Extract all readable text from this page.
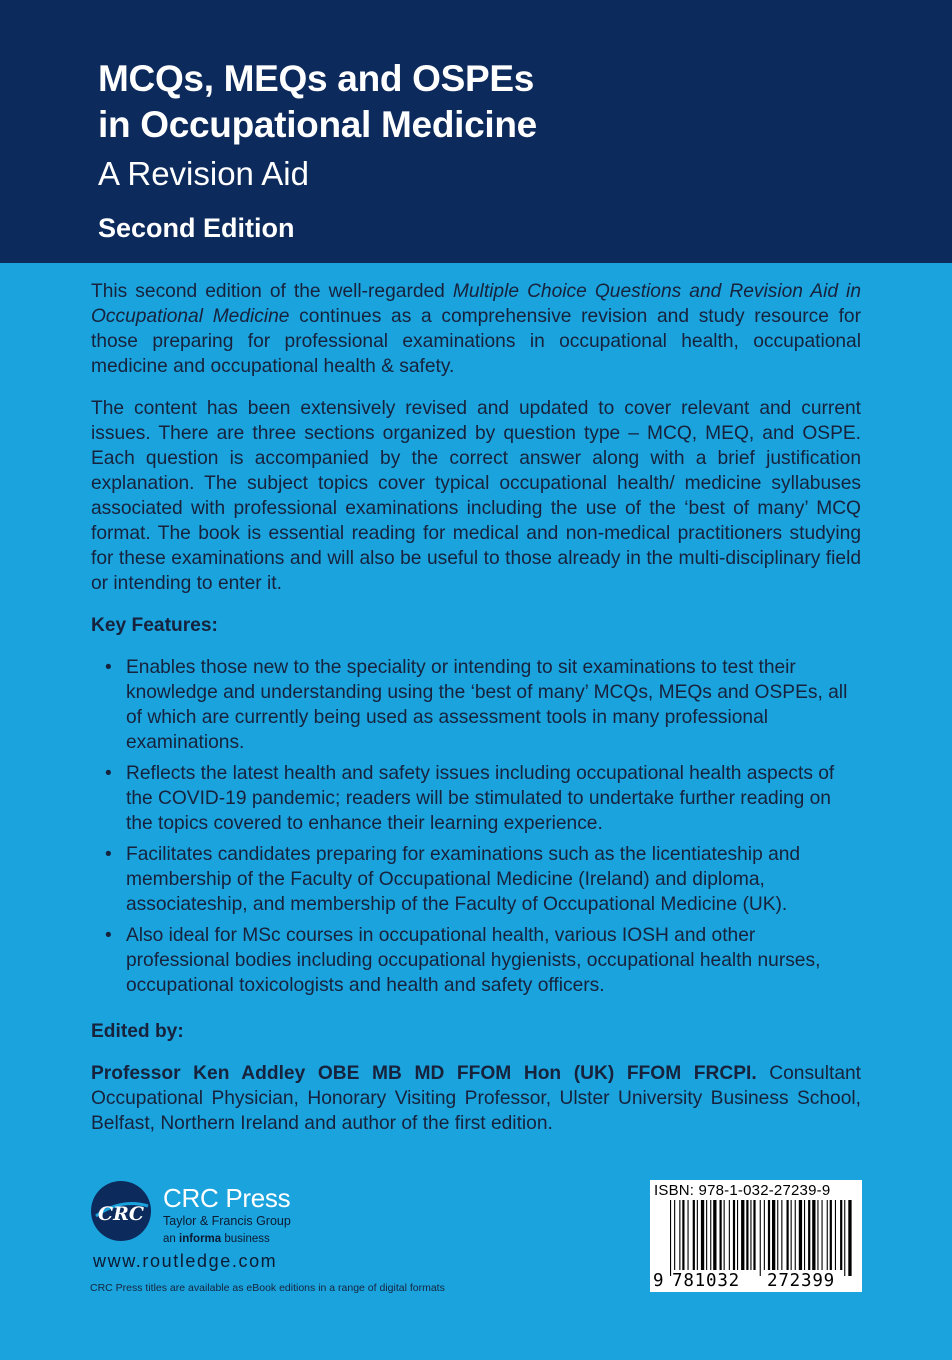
MCQs, MEQs and OSPEs
in Occupational Medicine
A Revision Aid
Second Edition

This second edition of the well-regarded Multiple Choice Questions and Revision Aid in Occupational Medicine continues as a comprehensive revision and study resource for those preparing for professional examinations in occupational health, occupational medicine and occupational health & safety.

The content has been extensively revised and updated to cover relevant and current issues. There are three sections organized by question type – MCQ, MEQ, and OSPE. Each question is accompanied by the correct answer along with a brief justification explanation. The subject topics cover typical occupational health/ medicine syllabuses associated with professional examinations including the use of the ‘best of many’ MCQ format. The book is essential reading for medical and non-medical practitioners studying for these examinations and will also be useful to those already in the multi-disciplinary field or intending to enter it.

Key Features:
• Enables those new to the speciality or intending to sit examinations to test their knowledge and understanding using the ‘best of many’ MCQs, MEQs and OSPEs, all of which are currently being used as assessment tools in many professional examinations.
• Reflects the latest health and safety issues including occupational health aspects of the COVID-19 pandemic; readers will be stimulated to undertake further reading on the topics covered to enhance their learning experience.
• Facilitates candidates preparing for examinations such as the licentiateship and membership of the Faculty of Occupational Medicine (Ireland) and diploma, associateship, and membership of the Faculty of Occupational Medicine (UK).
• Also ideal for MSc courses in occupational health, various IOSH and other professional bodies including occupational hygienists, occupational health nurses, occupational toxicologists and health and safety officers.
Edited by:

Professor Ken Addley OBE MB MD FFOM Hon (UK) FFOM FRCPI. Consultant Occupational Physician, Honorary Visiting Professor, Ulster University Business School, Belfast, Northern Ireland and author of the first edition.

CRC
CRC Press
Taylor & Francis Group
an informa business
www.routledge.com
CRC Press titles are available as eBook editions in a range of digital formats
ISBN: 978-1-032-27239-9
9 781032 272399
